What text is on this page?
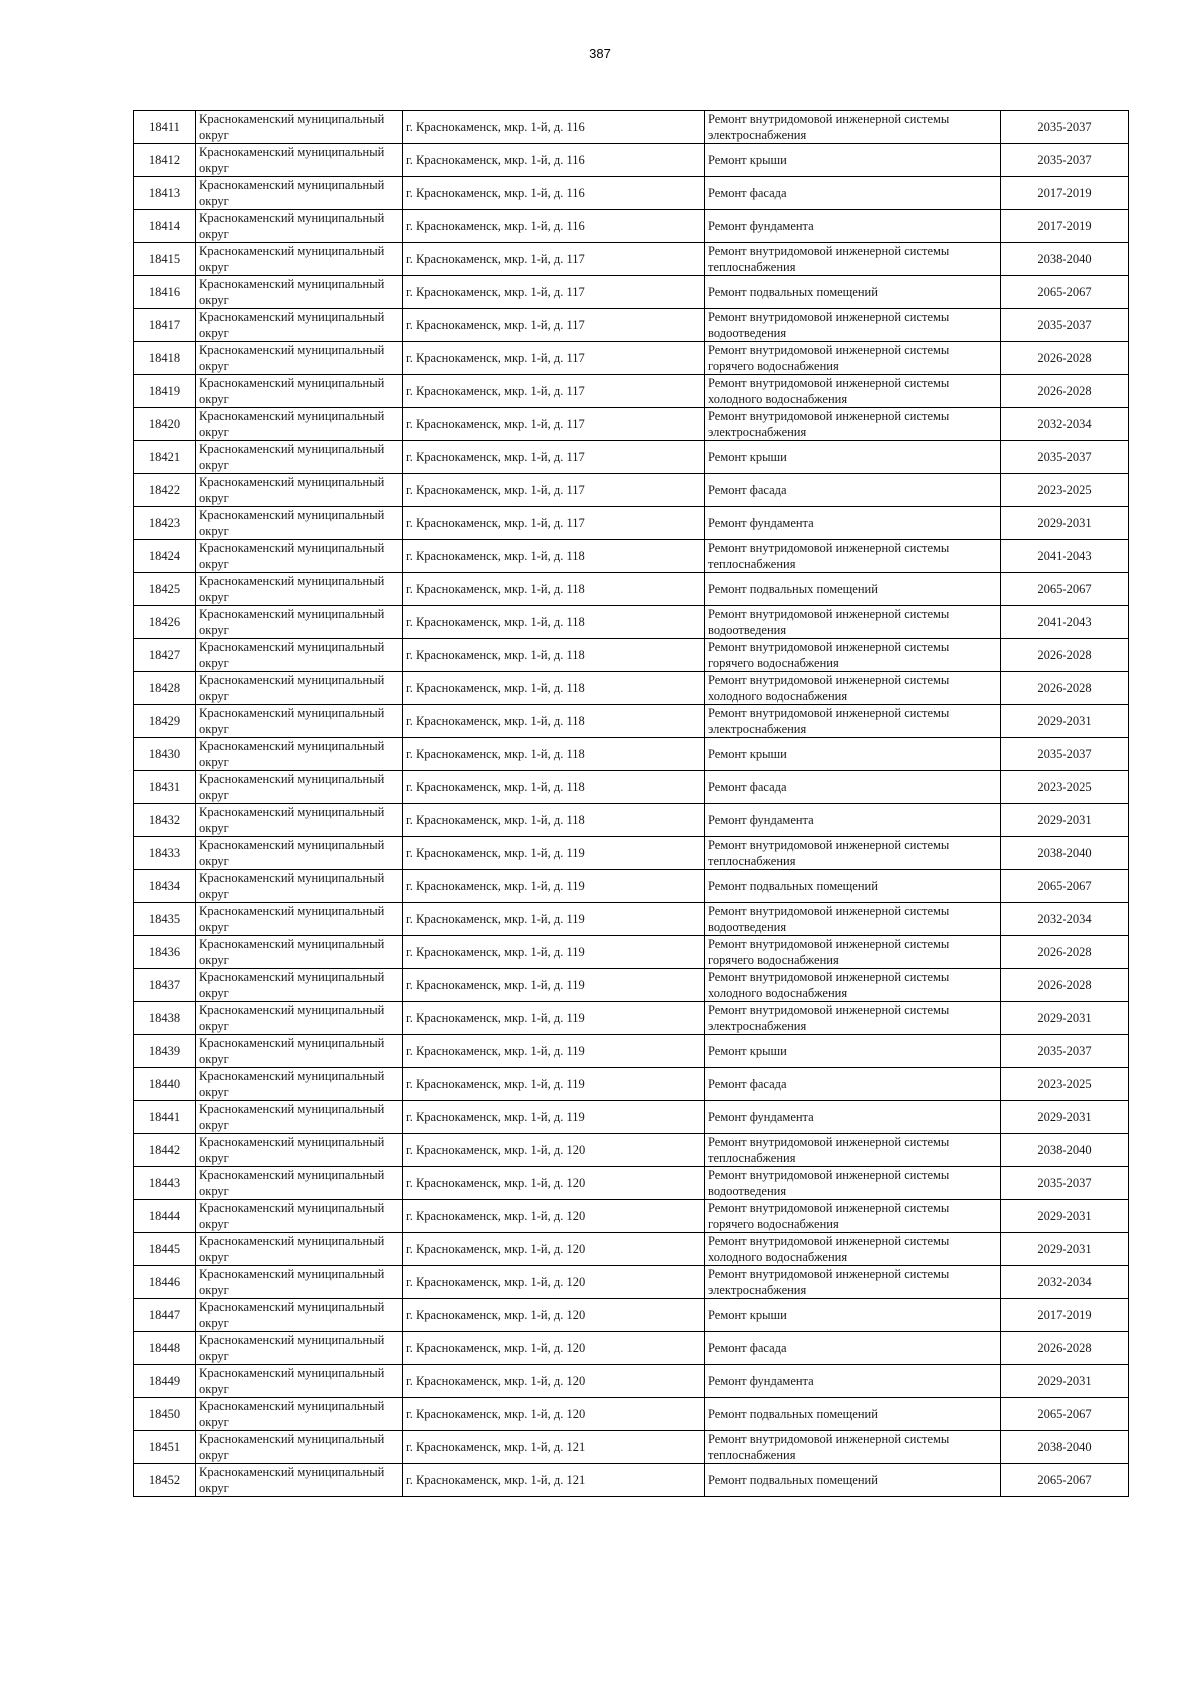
387
18411	Краснокаменский муниципальный округ	г. Краснокаменск, мкр. 1-й, д. 116	Ремонт внутридомовой инженерной системы электроснабжения	2035-2037
18412	Краснокаменский муниципальный округ	г. Краснокаменск, мкр. 1-й, д. 116	Ремонт крыши	2035-2037
18413	Краснокаменский муниципальный округ	г. Краснокаменск, мкр. 1-й, д. 116	Ремонт фасада	2017-2019
18414	Краснокаменский муниципальный округ	г. Краснокаменск, мкр. 1-й, д. 116	Ремонт фундамента	2017-2019
18415	Краснокаменский муниципальный округ	г. Краснокаменск, мкр. 1-й, д. 117	Ремонт внутридомовой инженерной системы теплоснабжения	2038-2040
18416	Краснокаменский муниципальный округ	г. Краснокаменск, мкр. 1-й, д. 117	Ремонт подвальных помещений	2065-2067
18417	Краснокаменский муниципальный округ	г. Краснокаменск, мкр. 1-й, д. 117	Ремонт внутридомовой инженерной системы водоотведения	2035-2037
18418	Краснокаменский муниципальный округ	г. Краснокаменск, мкр. 1-й, д. 117	Ремонт внутридомовой инженерной системы горячего водоснабжения	2026-2028
18419	Краснокаменский муниципальный округ	г. Краснокаменск, мкр. 1-й, д. 117	Ремонт внутридомовой инженерной системы холодного водоснабжения	2026-2028
18420	Краснокаменский муниципальный округ	г. Краснокаменск, мкр. 1-й, д. 117	Ремонт внутридомовой инженерной системы электроснабжения	2032-2034
18421	Краснокаменский муниципальный округ	г. Краснокаменск, мкр. 1-й, д. 117	Ремонт крыши	2035-2037
18422	Краснокаменский муниципальный округ	г. Краснокаменск, мкр. 1-й, д. 117	Ремонт фасада	2023-2025
18423	Краснокаменский муниципальный округ	г. Краснокаменск, мкр. 1-й, д. 117	Ремонт фундамента	2029-2031
18424	Краснокаменский муниципальный округ	г. Краснокаменск, мкр. 1-й, д. 118	Ремонт внутридомовой инженерной системы теплоснабжения	2041-2043
18425	Краснокаменский муниципальный округ	г. Краснокаменск, мкр. 1-й, д. 118	Ремонт подвальных помещений	2065-2067
18426	Краснокаменский муниципальный округ	г. Краснокаменск, мкр. 1-й, д. 118	Ремонт внутридомовой инженерной системы водоотведения	2041-2043
18427	Краснокаменский муниципальный округ	г. Краснокаменск, мкр. 1-й, д. 118	Ремонт внутридомовой инженерной системы горячего водоснабжения	2026-2028
18428	Краснокаменский муниципальный округ	г. Краснокаменск, мкр. 1-й, д. 118	Ремонт внутридомовой инженерной системы холодного водоснабжения	2026-2028
18429	Краснокаменский муниципальный округ	г. Краснокаменск, мкр. 1-й, д. 118	Ремонт внутридомовой инженерной системы электроснабжения	2029-2031
18430	Краснокаменский муниципальный округ	г. Краснокаменск, мкр. 1-й, д. 118	Ремонт крыши	2035-2037
18431	Краснокаменский муниципальный округ	г. Краснокаменск, мкр. 1-й, д. 118	Ремонт фасада	2023-2025
18432	Краснокаменский муниципальный округ	г. Краснокаменск, мкр. 1-й, д. 118	Ремонт фундамента	2029-2031
18433	Краснокаменский муниципальный округ	г. Краснокаменск, мкр. 1-й, д. 119	Ремонт внутридомовой инженерной системы теплоснабжения	2038-2040
18434	Краснокаменский муниципальный округ	г. Краснокаменск, мкр. 1-й, д. 119	Ремонт подвальных помещений	2065-2067
18435	Краснокаменский муниципальный округ	г. Краснокаменск, мкр. 1-й, д. 119	Ремонт внутридомовой инженерной системы водоотведения	2032-2034
18436	Краснокаменский муниципальный округ	г. Краснокаменск, мкр. 1-й, д. 119	Ремонт внутридомовой инженерной системы горячего водоснабжения	2026-2028
18437	Краснокаменский муниципальный округ	г. Краснокаменск, мкр. 1-й, д. 119	Ремонт внутридомовой инженерной системы холодного водоснабжения	2026-2028
18438	Краснокаменский муниципальный округ	г. Краснокаменск, мкр. 1-й, д. 119	Ремонт внутридомовой инженерной системы электроснабжения	2029-2031
18439	Краснокаменский муниципальный округ	г. Краснокаменск, мкр. 1-й, д. 119	Ремонт крыши	2035-2037
18440	Краснокаменский муниципальный округ	г. Краснокаменск, мкр. 1-й, д. 119	Ремонт фасада	2023-2025
18441	Краснокаменский муниципальный округ	г. Краснокаменск, мкр. 1-й, д. 119	Ремонт фундамента	2029-2031
18442	Краснокаменский муниципальный округ	г. Краснокаменск, мкр. 1-й, д. 120	Ремонт внутридомовой инженерной системы теплоснабжения	2038-2040
18443	Краснокаменский муниципальный округ	г. Краснокаменск, мкр. 1-й, д. 120	Ремонт внутридомовой инженерной системы водоотведения	2035-2037
18444	Краснокаменский муниципальный округ	г. Краснокаменск, мкр. 1-й, д. 120	Ремонт внутридомовой инженерной системы горячего водоснабжения	2029-2031
18445	Краснокаменский муниципальный округ	г. Краснокаменск, мкр. 1-й, д. 120	Ремонт внутридомовой инженерной системы холодного водоснабжения	2029-2031
18446	Краснокаменский муниципальный округ	г. Краснокаменск, мкр. 1-й, д. 120	Ремонт внутридомовой инженерной системы электроснабжения	2032-2034
18447	Краснокаменский муниципальный округ	г. Краснокаменск, мкр. 1-й, д. 120	Ремонт крыши	2017-2019
18448	Краснокаменский муниципальный округ	г. Краснокаменск, мкр. 1-й, д. 120	Ремонт фасада	2026-2028
18449	Краснокаменский муниципальный округ	г. Краснокаменск, мкр. 1-й, д. 120	Ремонт фундамента	2029-2031
18450	Краснокаменский муниципальный округ	г. Краснокаменск, мкр. 1-й, д. 120	Ремонт подвальных помещений	2065-2067
18451	Краснокаменский муниципальный округ	г. Краснокаменск, мкр. 1-й, д. 121	Ремонт внутридомовой инженерной системы теплоснабжения	2038-2040
18452	Краснокаменский муниципальный округ	г. Краснокаменск, мкр. 1-й, д. 121	Ремонт подвальных помещений	2065-2067
